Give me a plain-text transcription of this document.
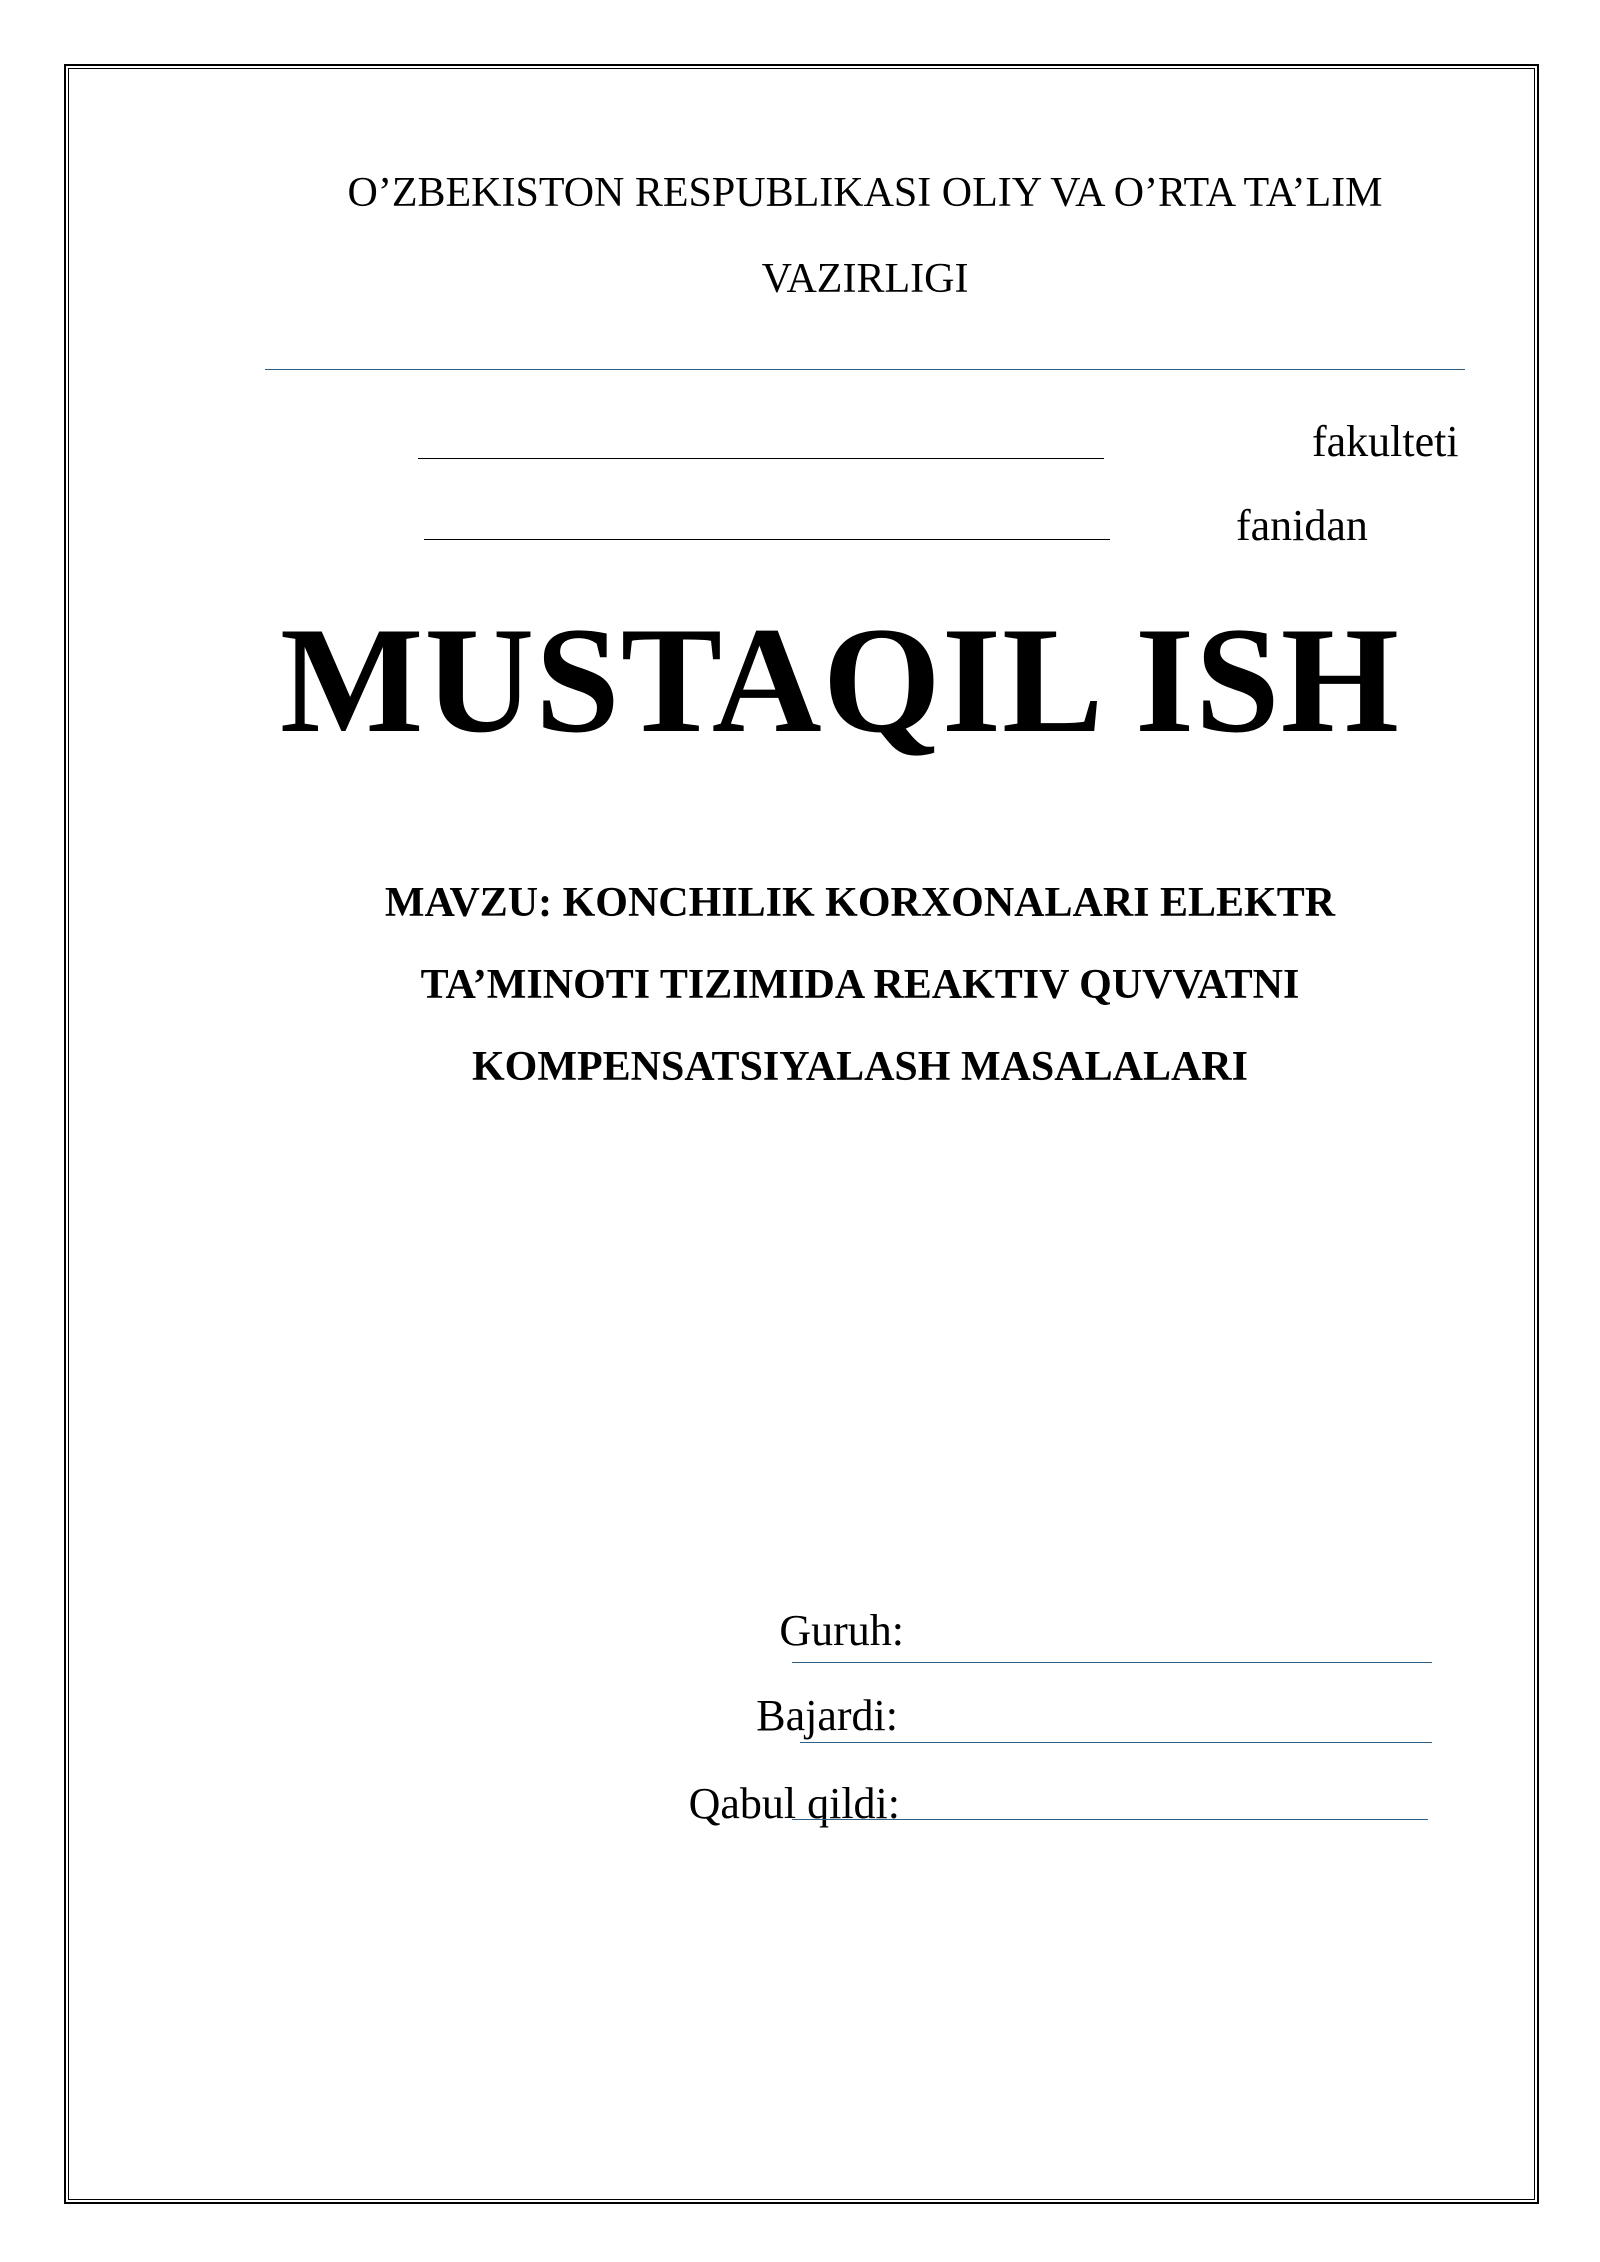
O’ZBEKISTON RESPUBLIKASI OLIY VA O’RTA TA’LIM
VAZIRLIGI
fakulteti
fanidan
MUSTAQIL ISH
MAVZU: KONCHILIK KORXONALARI ELEKTR
TA’MINOTI TIZIMIDA REAKTIV QUVVATNI
KOMPENSATSIYALASH MASALALARI
Guruh:
Bajardi:
Qabul qildi:
